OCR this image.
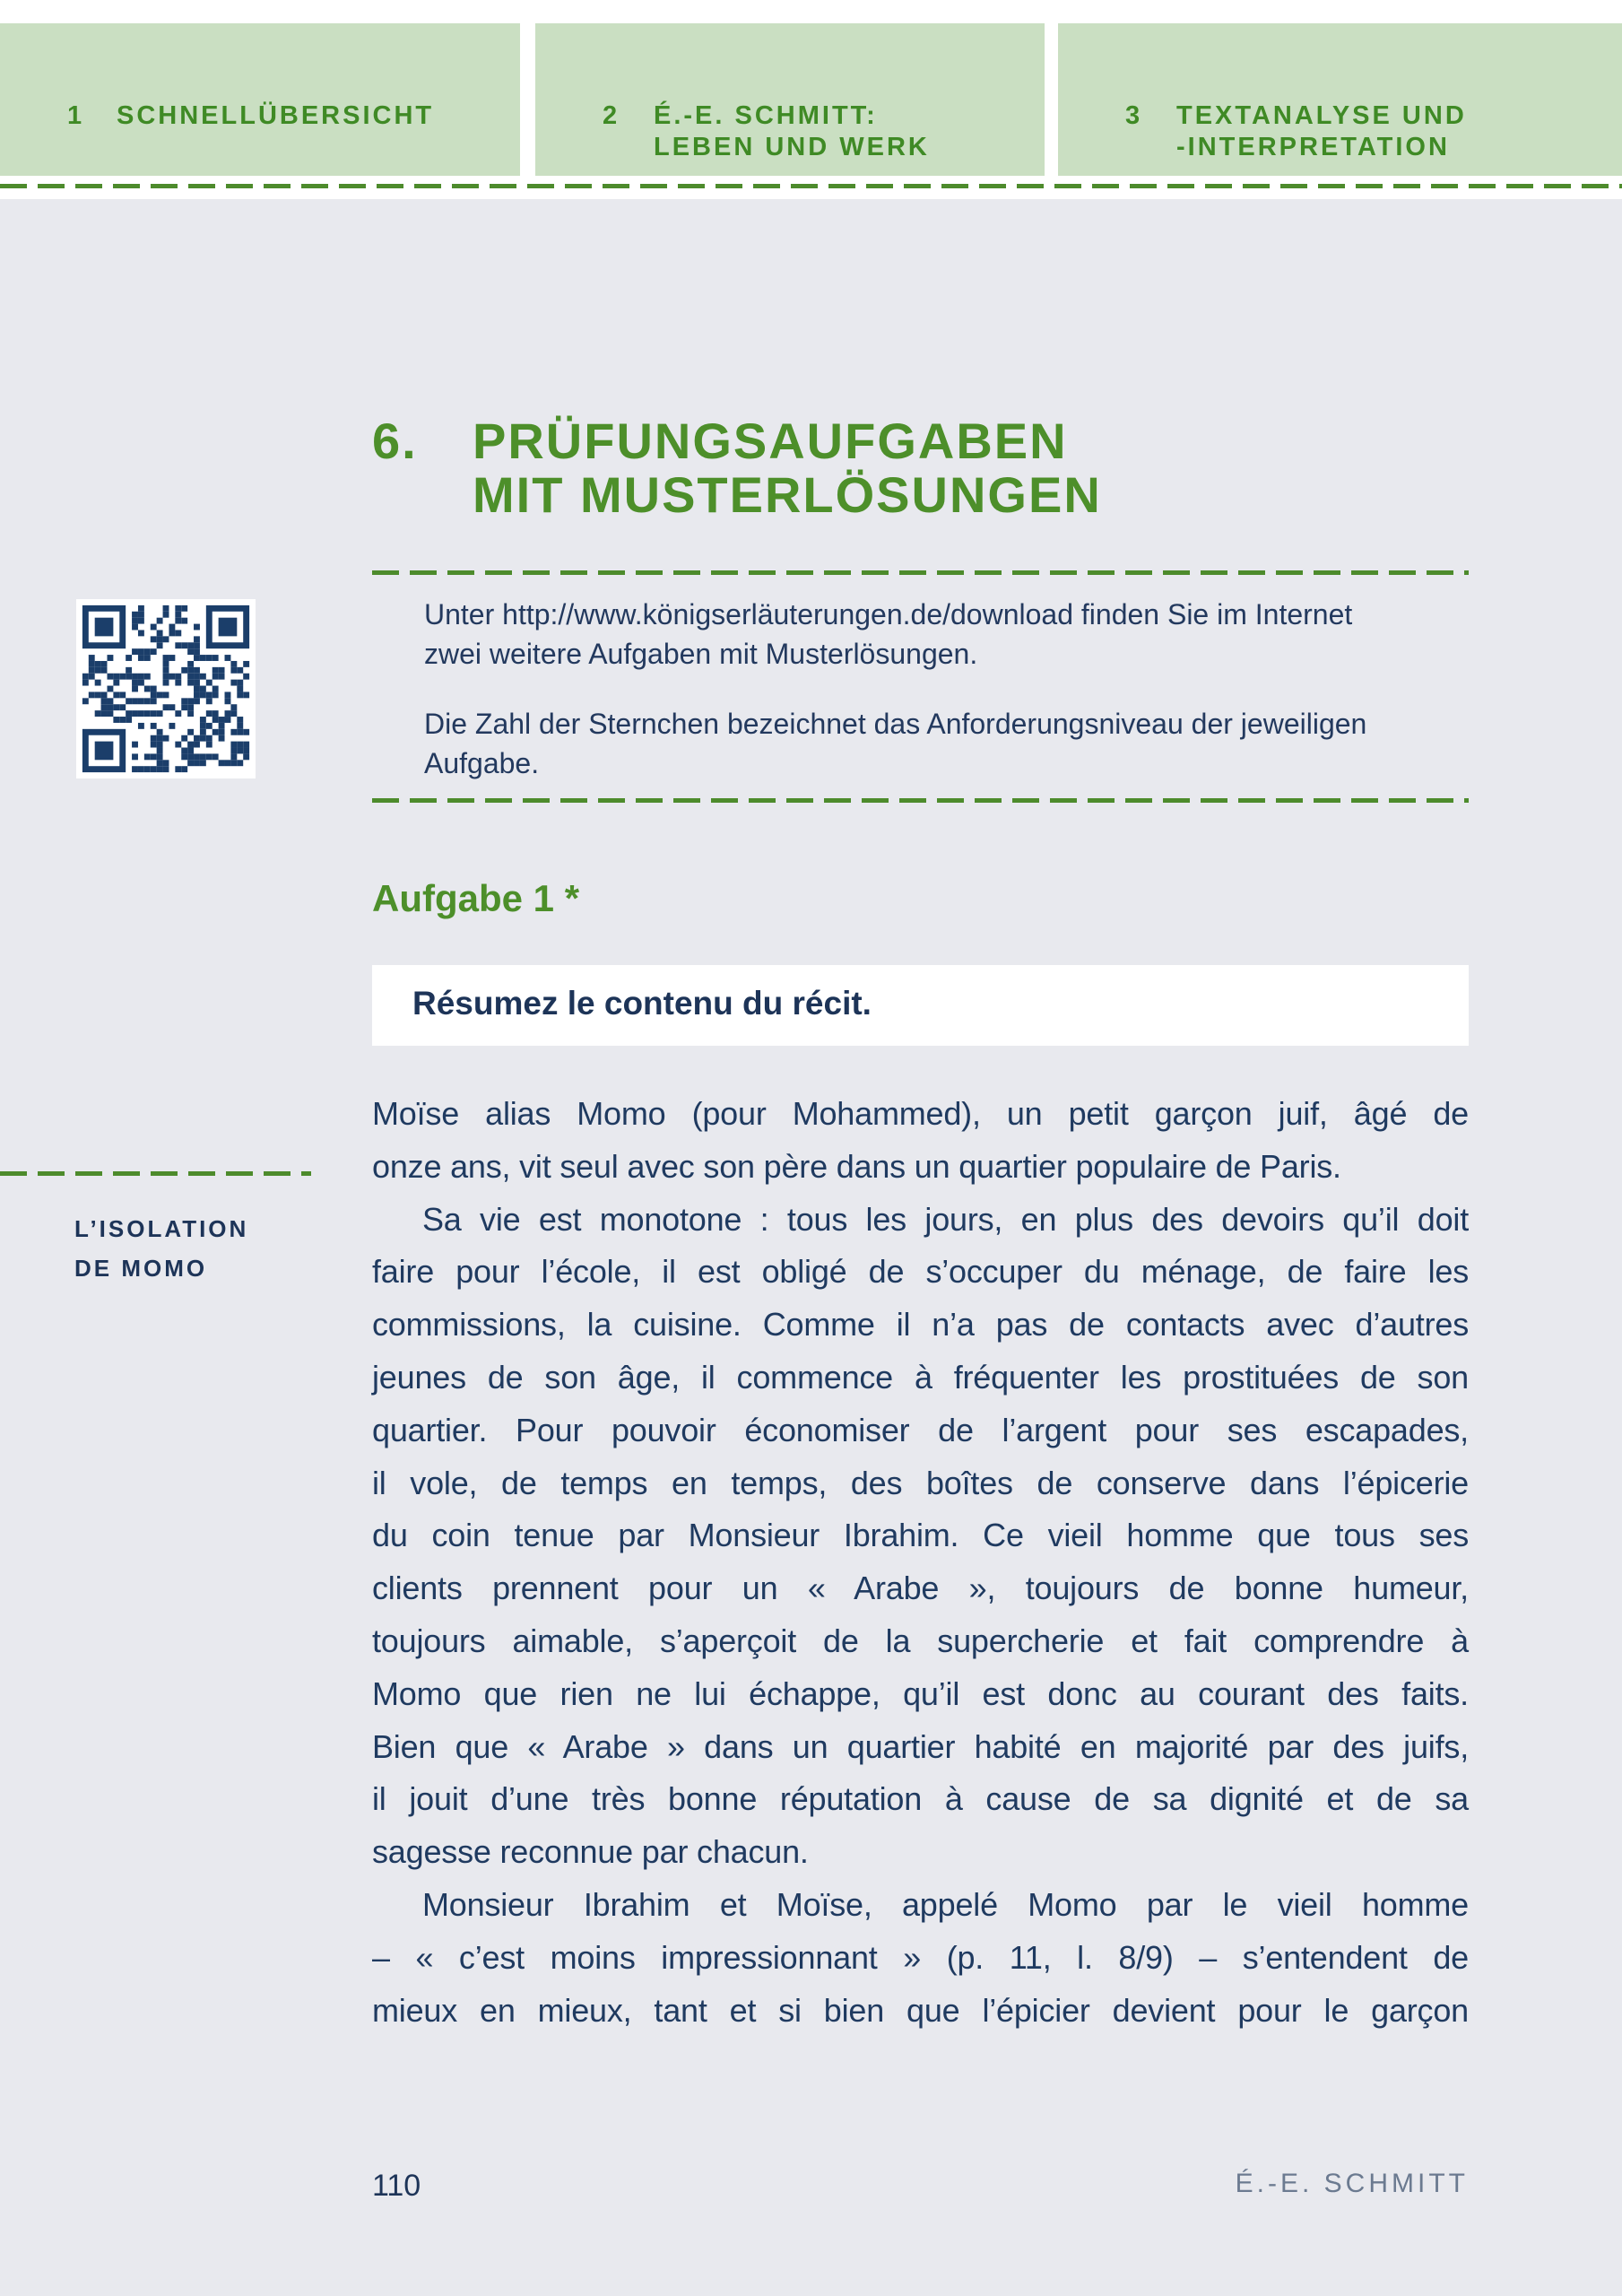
1 SCHNELLÜBERSICHT	2 É.-E. SCHMITT:
LEBEN UND WERK
3 TEXTANALYSE UND
-INTERPRETATION
6. PRÜFUNGSAUFGABEN
MIT MUSTERLÖSUNGEN
Unter http://www.königserläuterungen.de/download finden Sie im Internet
zwei weitere Aufgaben mit Musterlösungen.
Die Zahl der Sternchen bezeichnet das Anforderungsniveau der jeweiligen
Aufgabe.
Aufgabe 1 *
Résumez le contenu du récit.
L’ISOLATION
DE MOMO
Moïse alias Momo (pour Mohammed), un petit garçon juif, âgé de
onze ans, vit seul avec son père dans un quartier populaire de Paris.
Sa vie est monotone : tous les jours, en plus des devoirs qu’il doit
faire pour l’école, il est obligé de s’occuper du ménage, de faire les
commissions, la cuisine. Comme il n’a pas de contacts avec d’autres
jeunes de son âge, il commence à fréquenter les prostituées de son
quartier. Pour pouvoir économiser de l’argent pour ses escapades,
il vole, de temps en temps, des boîtes de conserve dans l’épicerie
du coin tenue par Monsieur Ibrahim. Ce vieil homme que tous ses
clients prennent pour un « Arabe », toujours de bonne humeur,
toujours aimable, s’aperçoit de la supercherie et fait comprendre à
Momo que rien ne lui échappe, qu’il est donc au courant des faits.
Bien que « Arabe » dans un quartier habité en majorité par des juifs,
il jouit d’une très bonne réputation à cause de sa dignité et de sa
sagesse reconnue par chacun.
Monsieur Ibrahim et Moïse, appelé Momo par le vieil homme
– « c’est moins impressionnant » (p. 11, l. 8/9) – s’entendent de
mieux en mieux, tant et si bien que l’épicier devient pour le garçon
110	É.-E. SCHMITT
